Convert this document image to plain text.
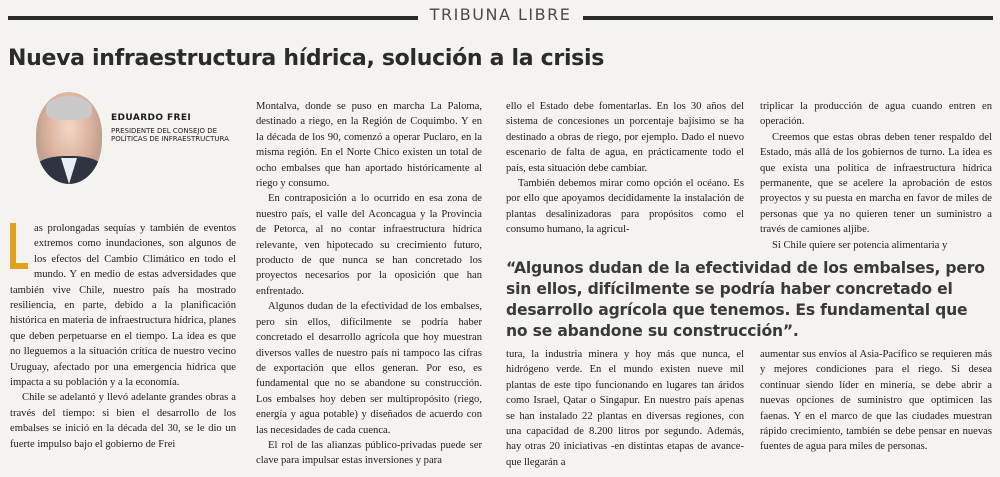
TRIBUNA LIBRE
Nueva infraestructura hídrica, solución a la crisis
EDUARDO FREI
PRESIDENTE DEL CONSEJO DE POLÍTICAS DE INFRAESTRUCTURA

as prolongadas sequías y también de eventos extremos como inundaciones, son algunos de los efectos del Cambio Climático en todo el mundo. Y en medio de estas adversidades que también vive Chile, nuestro país ha mostrado resiliencia, en parte, debido a la planificación histórica en materia de infraestructura hídrica, planes que deben perpetuarse en el tiempo. La idea es que no lleguemos a la situación crítica de nuestro vecino Uruguay, afectado por una emergencia hídrica que impacta a su población y a la economía.

Chile se adelantó y llevó adelante grandes obras a través del tiempo: si bien el desarrollo de los embalses se inició en la década del 30, se le dio un fuerte impulso bajo el gobierno de Frei

Montalva, donde se puso en marcha La Paloma, destinado a riego, en la Región de Coquimbo. Y en la década de los 90, comenzó a operar Puclaro, en la misma región. En el Norte Chico existen un total de ocho embalses que han aportado históricamente al riego y consumo.

En contraposición a lo ocurrido en esa zona de nuestro país, el valle del Aconcagua y la Provincia de Petorca, al no contar infraestructura hídrica relevante, ven hipotecado su crecimiento futuro, producto de que nunca se han concretado los proyectos necesarios por la oposición que han enfrentado.

Algunos dudan de la efectividad de los embalses, pero sin ellos, difícilmente se podría haber concretado el desarrollo agrícola que hoy muestran diversos valles de nuestro país ni tampoco las cifras de exportación que ellos generan. Por eso, es fundamental que no se abandone su construcción. Los embalses hoy deben ser multipropósito (riego, energía y agua potable) y diseñados de acuerdo con las necesidades de cada cuenca.

El rol de las alianzas público-privadas puede ser clave para impulsar estas inversiones y para

ello el Estado debe fomentarlas. En los 30 años del sistema de concesiones un porcentaje bajísimo se ha destinado a obras de riego, por ejemplo. Dado el nuevo escenario de falta de agua, en prácticamente todo el país, esta situación debe cambiar.

También debemos mirar como opción el océano. Es por ello que apoyamos decididamente la instalación de plantas desalinizadoras para propósitos como el consumo humano, la agricul-

triplicar la producción de agua cuando entren en operación.

Creemos que estas obras deben tener respaldo del Estado, más allá de los gobiernos de turno. La idea es que exista una política de infraestructura hídrica permanente, que se acelere la aprobación de estos proyectos y su puesta en marcha en favor de miles de personas que ya no quieren tener un suministro a través de camiones aljibe.

Si Chile quiere ser potencia alimentaria y

“Algunos dudan de la efectividad de los embalses, pero sin ellos, difícilmente se podría haber concretado el desarrollo agrícola que tenemos. Es fundamental que no se abandone su construcción”.

tura, la industria minera y hoy más que nunca, el hidrógeno verde. En el mundo existen nueve mil plantas de este tipo funcionando en lugares tan áridos como Israel, Qatar o Singapur. En nuestro país apenas se han instalado 22 plantas en diversas regiones, con una capacidad de 8.200 litros por segundo. Además, hay otras 20 iniciativas -en distintas etapas de avance- que llegarán a

aumentar sus envíos al Asia-Pacífico se requieren más y mejores condiciones para el riego. Si desea continuar siendo líder en minería, se debe abrir a nuevas opciones de suministro que optimicen las faenas. Y en el marco de que las ciudades muestran rápido crecimiento, también se debe pensar en nuevas fuentes de agua para miles de personas.
